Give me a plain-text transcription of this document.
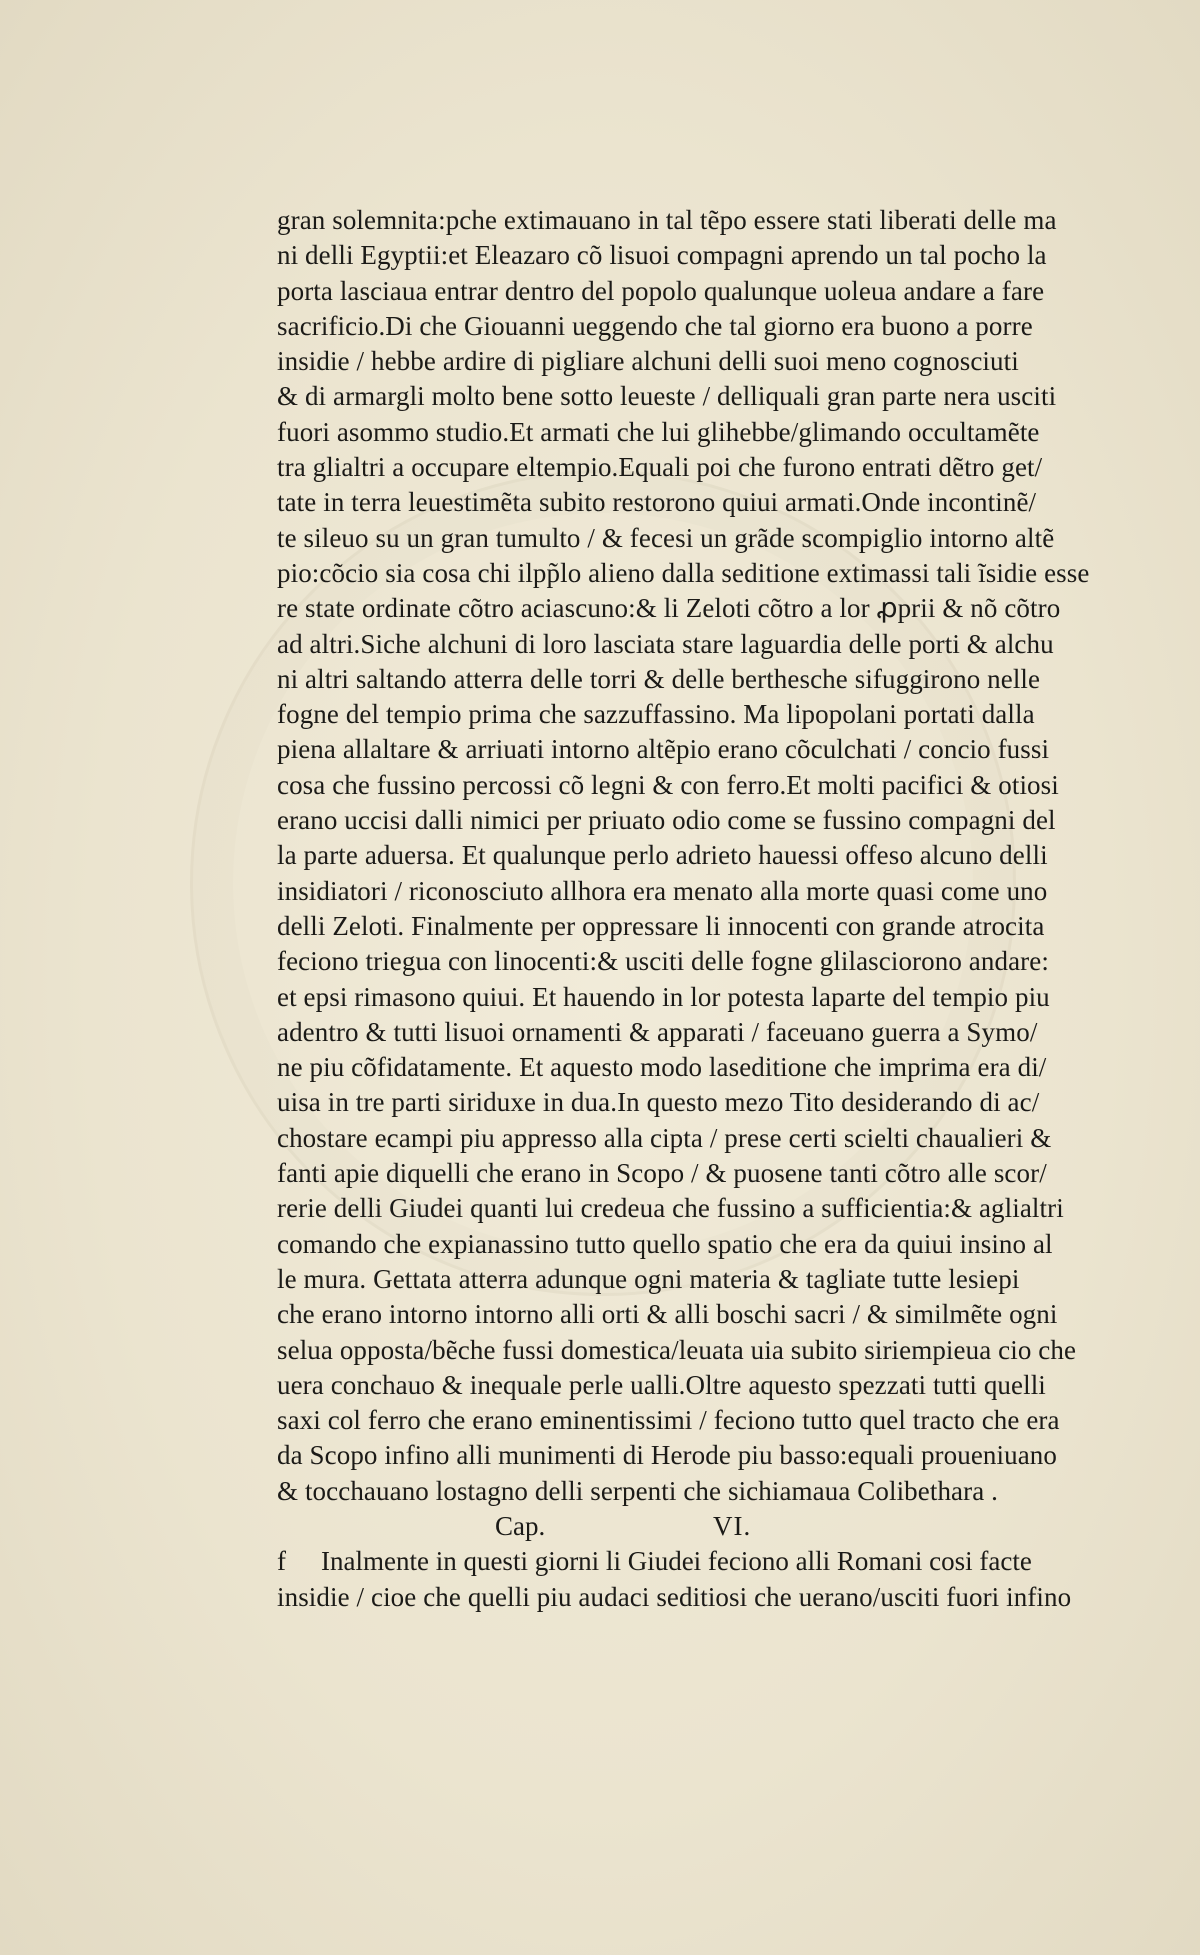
gran solemnita:pche extimauano in tal tẽpo essere stati liberati delle ma
ni delli Egyptii:et Eleazaro cõ lisuoi compagni aprendo un tal pocho la
porta lasciaua entrar dentro del popolo qualunque uoleua andare a fare
sacrificio.Di che Giouanni ueggendo che tal giorno era buono a porre
insidie / hebbe ardire di pigliare alchuni delli suoi meno cognosciuti
& di armargli molto bene sotto leueste / delliquali gran parte nera usciti
fuori asommo studio.Et armati che lui glihebbe/glimando occultamẽte
tra glialtri a occupare eltempio.Equali poi che furono entrati dẽtro get/
tate in terra leuestimẽta subito restorono quiui armati.Onde incontinẽ/
te sileuo su un gran tumulto / & fecesi un grãde scompiglio intorno altẽ
pio:cõcio sia cosa chi ilpp̃lo alieno dalla seditione extimassi tali ĩsidie esse
re state ordinate cõtro aciascuno:& li Zeloti cõtro a lor ꝓprii & nõ cõtro
ad altri.Siche alchuni di loro lasciata stare laguardia delle porti & alchu
ni altri saltando atterra delle torri & delle berthesche sifuggirono nelle
fogne del tempio prima che sazzuffassino. Ma lipopolani portati dalla
piena allaltare & arriuati intorno altẽpio erano cõculchati / concio fussi
cosa che fussino percossi cõ legni & con ferro.Et molti pacifici & otiosi
erano uccisi dalli nimici per priuato odio come se fussino compagni del
la parte aduersa. Et qualunque perlo adrieto hauessi offeso alcuno delli
insidiatori / riconosciuto allhora era menato alla morte quasi come uno
delli Zeloti. Finalmente per oppressare li innocenti con grande atrocita
feciono triegua con linocenti:& usciti delle fogne glilasciorono andare:
et epsi rimasono quiui. Et hauendo in lor potesta laparte del tempio piu
adentro & tutti lisuoi ornamenti & apparati / faceuano guerra a Symo/
ne piu cõfidatamente. Et aquesto modo laseditione che imprima era di/
uisa in tre parti siriduxe in dua.In questo mezo Tito desiderando di ac/
chostare ecampi piu appresso alla cipta / prese certi scielti chaualieri &
fanti apie diquelli che erano in Scopo / & puosene tanti cõtro alle scor/
rerie delli Giudei quanti lui credeua che fussino a sufficientia:& aglialtri
comando che expianassino tutto quello spatio che era da quiui insino al
le mura. Gettata atterra adunque ogni materia & tagliate tutte lesiepi
che erano intorno intorno alli orti & alli boschi sacri / & similmẽte ogni
selua opposta/bẽche fussi domestica/leuata uia subito siriempieua cio che
uera conchauo & inequale perle ualli.Oltre aquesto spezzati tutti quelli
saxi col ferro che erano eminentissimi / feciono tutto quel tracto che era
da Scopo infino alli munimenti di Herode piu basso:equali proueniuano
& tocchauano lostagno delli serpenti che sichiamaua Colibethara .
Cap.	VI.
f Inalmente in questi giorni li Giudei feciono alli Romani cosi facte
insidie / cioe che quelli piu audaci seditiosi che uerano/usciti fuori infino
